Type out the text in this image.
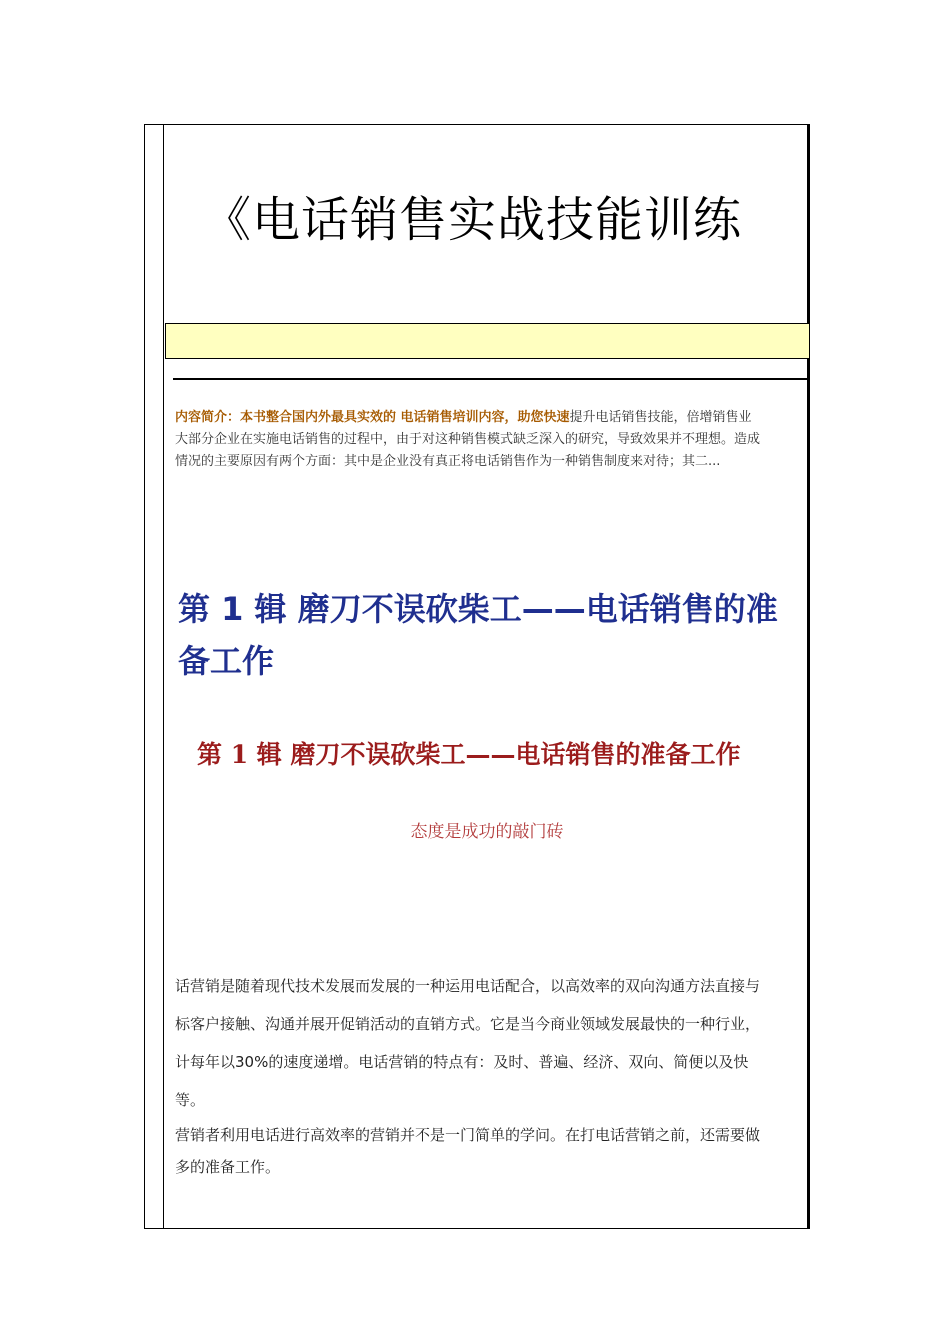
《电话销售实战技能训练
内容简介：本书整合国内外最具实效的 电话销售培训内容，助您快速提升电话销售技能，倍增销售业
大部分企业在实施电话销售的过程中，由于对这种销售模式缺乏深入的研究，导致效果并不理想。造成
情况的主要原因有两个方面：其中是企业没有真正将电话销售作为一种销售制度来对待；其二...
第 1 辑 磨刀不误砍柴工——电话销售的准
备工作
第 1 辑 磨刀不误砍柴工——电话销售的准备工作
态度是成功的敲门砖
话营销是随着现代技术发展而发展的一种运用电话配合，以高效率的双向沟通方法直接与
标客户接触、沟通并展开促销活动的直销方式。它是当今商业领域发展最快的一种行业，
计每年以30%的速度递增。电话营销的特点有：及时、普遍、经济、双向、简便以及快
等。
营销者利用电话进行高效率的营销并不是一门简单的学问。在打电话营销之前，还需要做
多的准备工作。
